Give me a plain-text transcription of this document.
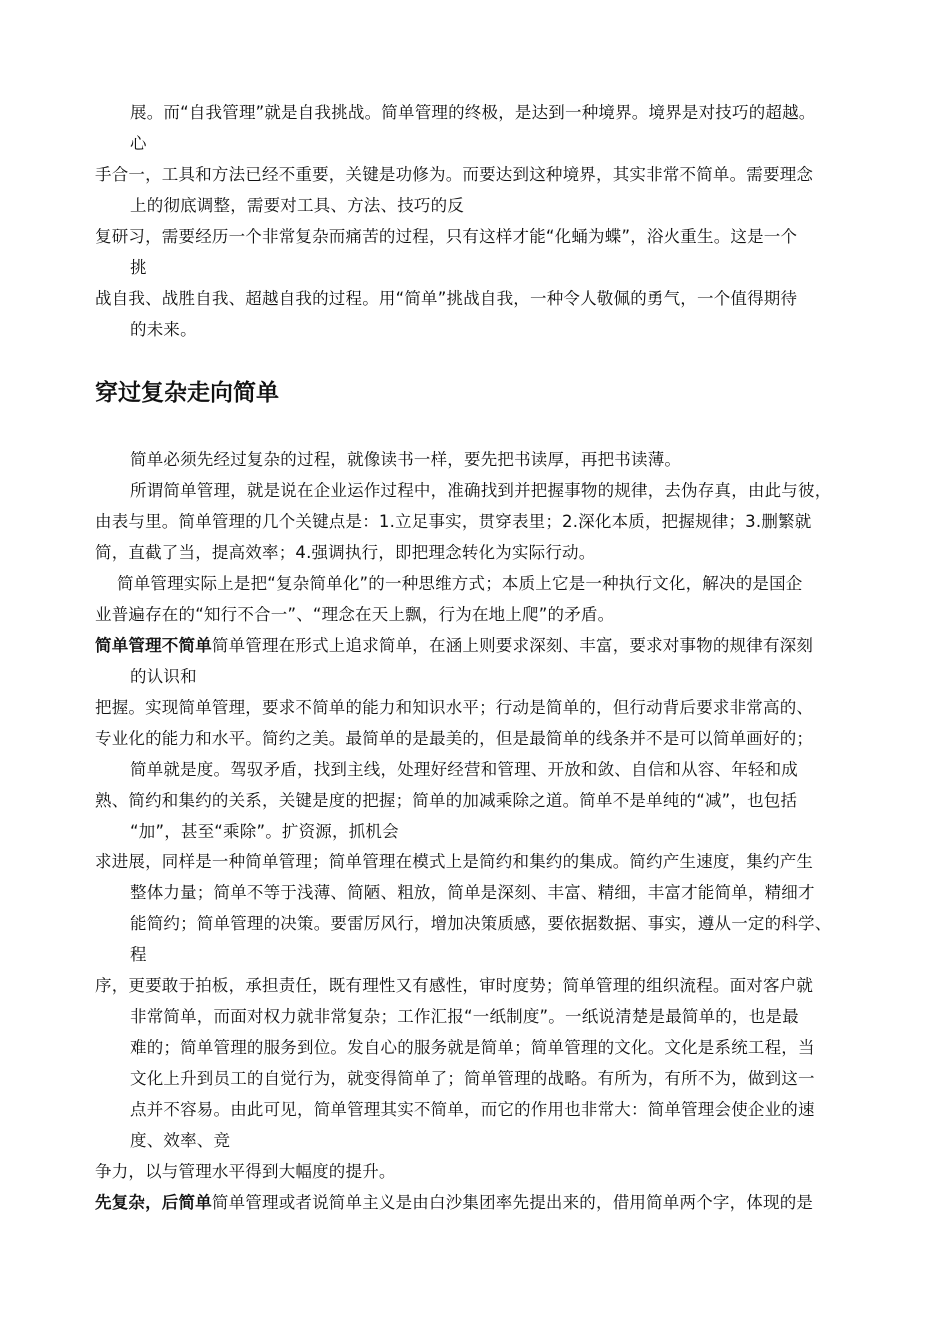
展。而“自我管理”就是自我挑战。简单管理的终极，是达到一种境界。境界是对技巧的超越。
心
手合一，工具和方法已经不重要，关键是功修为。而要达到这种境界，其实非常不简单。需要理念
上的彻底调整，需要对工具、方法、技巧的反
复研习，需要经历一个非常复杂而痛苦的过程，只有这样才能“化蛹为蝶”，浴火重生。这是一个
挑
战自我、战胜自我、超越自我的过程。用“简单”挑战自我，一种令人敬佩的勇气，一个值得期待
的未来。
穿过复杂走向简单
简单必须先经过复杂的过程，就像读书一样，要先把书读厚，再把书读薄。
所谓简单管理，就是说在企业运作过程中，准确找到并把握事物的规律，去伪存真，由此与彼，
由表与里。简单管理的几个关键点是：1.立足事实，贯穿表里；2.深化本质，把握规律；3.删繁就
简，直截了当，提高效率；4.强调执行，即把理念转化为实际行动。
简单管理实际上是把“复杂简单化”的一种思维方式；本质上它是一种执行文化，解决的是国企
业普遍存在的“知行不合一”、“理念在天上飘，行为在地上爬”的矛盾。
简单管理不简单简单管理在形式上追求简单，在涵上则要求深刻、丰富，要求对事物的规律有深刻
的认识和
把握。实现简单管理，要求不简单的能力和知识水平；行动是简单的，但行动背后要求非常高的、
专业化的能力和水平。简约之美。最简单的是最美的，但是最简单的线条并不是可以简单画好的；
简单就是度。驾驭矛盾，找到主线，处理好经营和管理、开放和敛、自信和从容、年轻和成
熟、简约和集约的关系，关键是度的把握；简单的加减乘除之道。简单不是单纯的“减”，也包括
“加”，甚至“乘除”。扩资源，抓机会
求进展，同样是一种简单管理；简单管理在模式上是简约和集约的集成。简约产生速度，集约产生
整体力量；简单不等于浅薄、简陋、粗放，简单是深刻、丰富、精细，丰富才能简单，精细才
能简约；简单管理的决策。要雷厉风行，增加决策质感，要依据数据、事实，遵从一定的科学、
程
序，更要敢于拍板，承担责任，既有理性又有感性，审时度势；简单管理的组织流程。面对客户就
非常简单，而面对权力就非常复杂；工作汇报“一纸制度”。一纸说清楚是最简单的，也是最
难的；简单管理的服务到位。发自心的服务就是简单；简单管理的文化。文化是系统工程，当
文化上升到员工的自觉行为，就变得简单了；简单管理的战略。有所为，有所不为，做到这一
点并不容易。由此可见，简单管理其实不简单，而它的作用也非常大：简单管理会使企业的速
度、效率、竞
争力，以与管理水平得到大幅度的提升。
先复杂，后简单简单管理或者说简单主义是由白沙集团率先提出来的，借用简单两个字，体现的是
